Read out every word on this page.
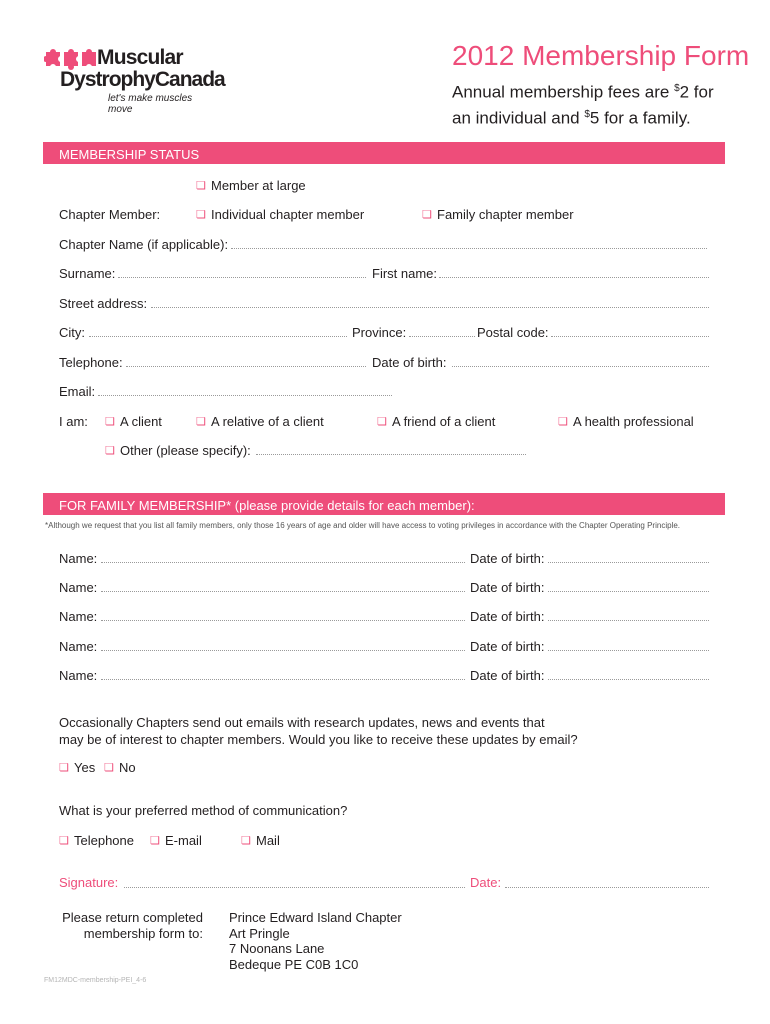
Muscular
DystrophyCanada
let's make muscles move
2012 Membership Form
Annual membership fees are $2 for
an individual and $5 for a family.
MEMBERSHIP STATUS
❏ Member at large
Chapter Member:	❏ Individual chapter member	❏ Family chapter member
Chapter Name (if applicable):
Surname:	First name:
Street address:
City:	Province:	Postal code:
Telephone:	Date of birth:
Email:
I am: ❏ A client	❏ A relative of a client	❏ A friend of a client	❏ A health professional
❏ Other (please specify):
FOR FAMILY MEMBERSHIP* (please provide details for each member):
*Although we request that you list all family members, only those 16 years of age and older will have access to voting privileges in accordance with the Chapter Operating Principle.
Name:	Date of birth:
Name:	Date of birth:
Name:	Date of birth:
Name:	Date of birth:
Name:	Date of birth:
Occasionally Chapters send out emails with research updates, news and events that
may be of interest to chapter members. Would you like to receive these updates by email?
❏ Yes ❏ No
What is your preferred method of communication?
❏ Telephone ❏ E-mail	❏ Mail
Signature:	Date:
Please return completed
membership form to:
Prince Edward Island Chapter
Art Pringle
7 Noonans Lane
Bedeque PE C0B 1C0
FM12MDC-membership-PEI_4-6
